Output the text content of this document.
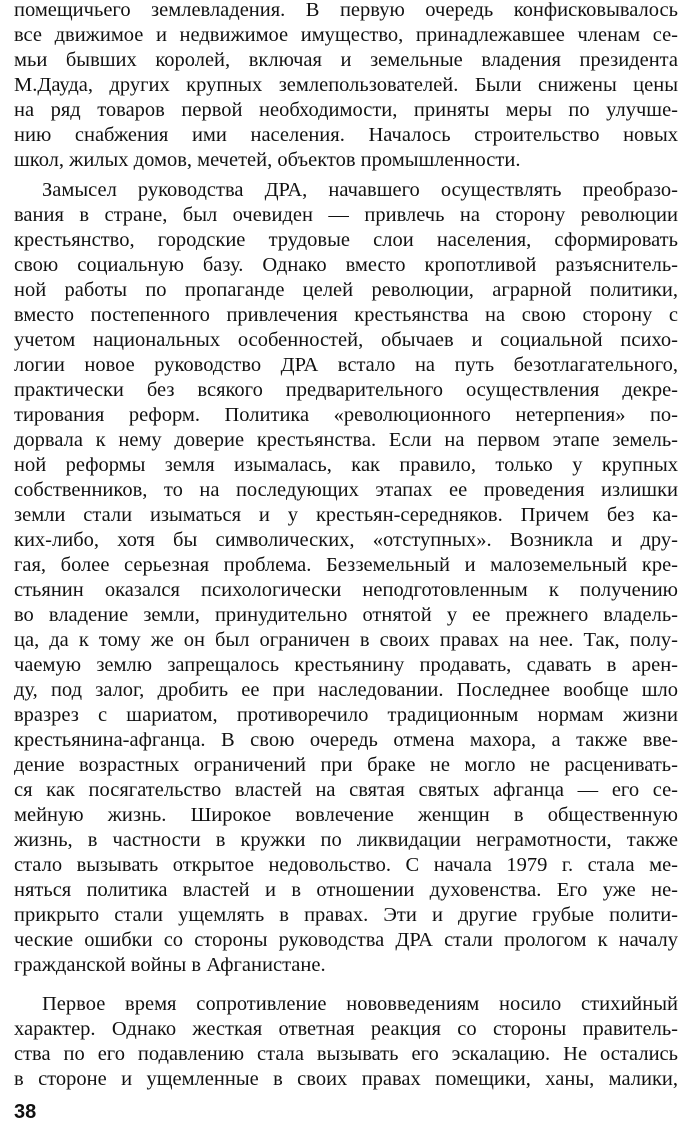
помещичьего землевладения. В первую очередь конфисковывалось
все движимое и недвижимое имущество, принадлежавшее членам се-
мьи бывших королей, включая и земельные владения президента
М.Дауда, других крупных землепользователей. Были снижены цены
на ряд товаров первой необходимости, приняты меры по улучше-
нию снабжения ими населения. Началось строительство новых
школ, жилых домов, мечетей, объектов промышленности.
Замысел руководства ДРА, начавшего осуществлять преобразо-
вания в стране, был очевиден — привлечь на сторону революции
крестьянство, городские трудовые слои населения, сформировать
свою социальную базу. Однако вместо кропотливой разъяснитель-
ной работы по пропаганде целей революции, аграрной политики,
вместо постепенного привлечения крестьянства на свою сторону с
учетом национальных особенностей, обычаев и социальной психо-
логии новое руководство ДРА встало на путь безотлагательного,
практически без всякого предварительного осуществления декре-
тирования реформ. Политика «революционного нетерпения» по-
дорвала к нему доверие крестьянства. Если на первом этапе земель-
ной реформы земля изымалась, как правило, только у крупных
собственников, то на последующих этапах ее проведения излишки
земли стали изыматься и у крестьян-середняков. Причем без ка-
ких-либо, хотя бы символических, «отступных». Возникла и дру-
гая, более серьезная проблема. Безземельный и малоземельный кре-
стьянин оказался психологически неподготовленным к получению
во владение земли, принудительно отнятой у ее прежнего владель-
ца, да к тому же он был ограничен в своих правах на нее. Так, полу-
чаемую землю запрещалось крестьянину продавать, сдавать в арен-
ду, под залог, дробить ее при наследовании. Последнее вообще шло
вразрез с шариатом, противоречило традиционным нормам жизни
крестьянина-афганца. В свою очередь отмена махора, а также вве-
дение возрастных ограничений при браке не могло не расценивать-
ся как посягательство властей на святая святых афганца — его се-
мейную жизнь. Широкое вовлечение женщин в общественную
жизнь, в частности в кружки по ликвидации неграмотности, также
стало вызывать открытое недовольство. С начала 1979 г. стала ме-
няться политика властей и в отношении духовенства. Его уже не-
прикрыто стали ущемлять в правах. Эти и другие грубые полити-
ческие ошибки со стороны руководства ДРА стали прологом к началу
гражданской войны в Афганистане.
Первое время сопротивление нововведениям носило стихийный
характер. Однако жесткая ответная реакция со стороны правитель-
ства по его подавлению стала вызывать его эскалацию. Не остались
в стороне и ущемленные в своих правах помещики, ханы, малики,
38
